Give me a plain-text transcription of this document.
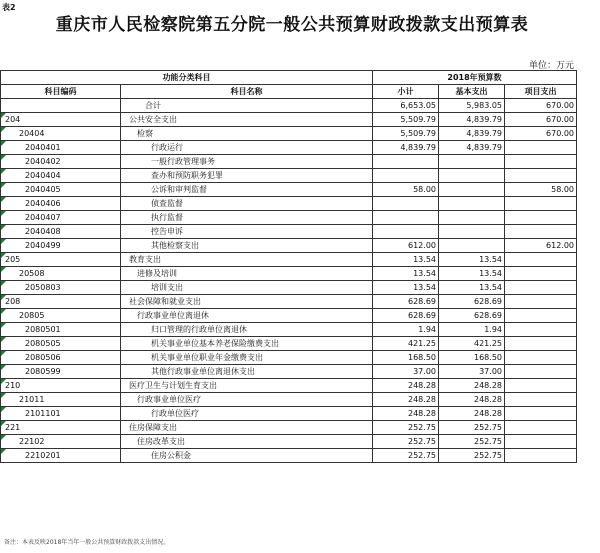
表2
重庆市人民检察院第五分院一般公共预算财政拨款支出预算表
单位：万元
功能分类科目		2018年预算数		
科目编码	科目名称	小计	基本支出	项目支出
	合计	6,653.05	5,983.05	670.00
204	公共安全支出	5,509.79	4,839.79	670.00
20404	检察	5,509.79	4,839.79	670.00
2040401	行政运行	4,839.79	4,839.79	
2040402	一般行政管理事务			
2040404	查办和预防职务犯罪			
2040405	公诉和审判监督	58.00		58.00
2040406	侦查监督			
2040407	执行监督			
2040408	控告申诉			
2040499	其他检察支出	612.00		612.00
205	教育支出	13.54	13.54	
20508	进修及培训	13.54	13.54	
2050803	培训支出	13.54	13.54	
208	社会保障和就业支出	628.69	628.69	
20805	行政事业单位离退休	628.69	628.69	
2080501	归口管理的行政单位离退休	1.94	1.94	
2080505	机关事业单位基本养老保险缴费支出	421.25	421.25	
2080506	机关事业单位职业年金缴费支出	168.50	168.50	
2080599	其他行政事业单位离退休支出	37.00	37.00	
210	医疗卫生与计划生育支出	248.28	248.28	
21011	行政事业单位医疗	248.28	248.28	
2101101	行政单位医疗	248.28	248.28	
221	住房保障支出	252.75	252.75	
22102	住房改革支出	252.75	252.75	
2210201	住房公积金	252.75	252.75	
备注：本表反映2018年当年一般公共预算财政拨款支出情况。
